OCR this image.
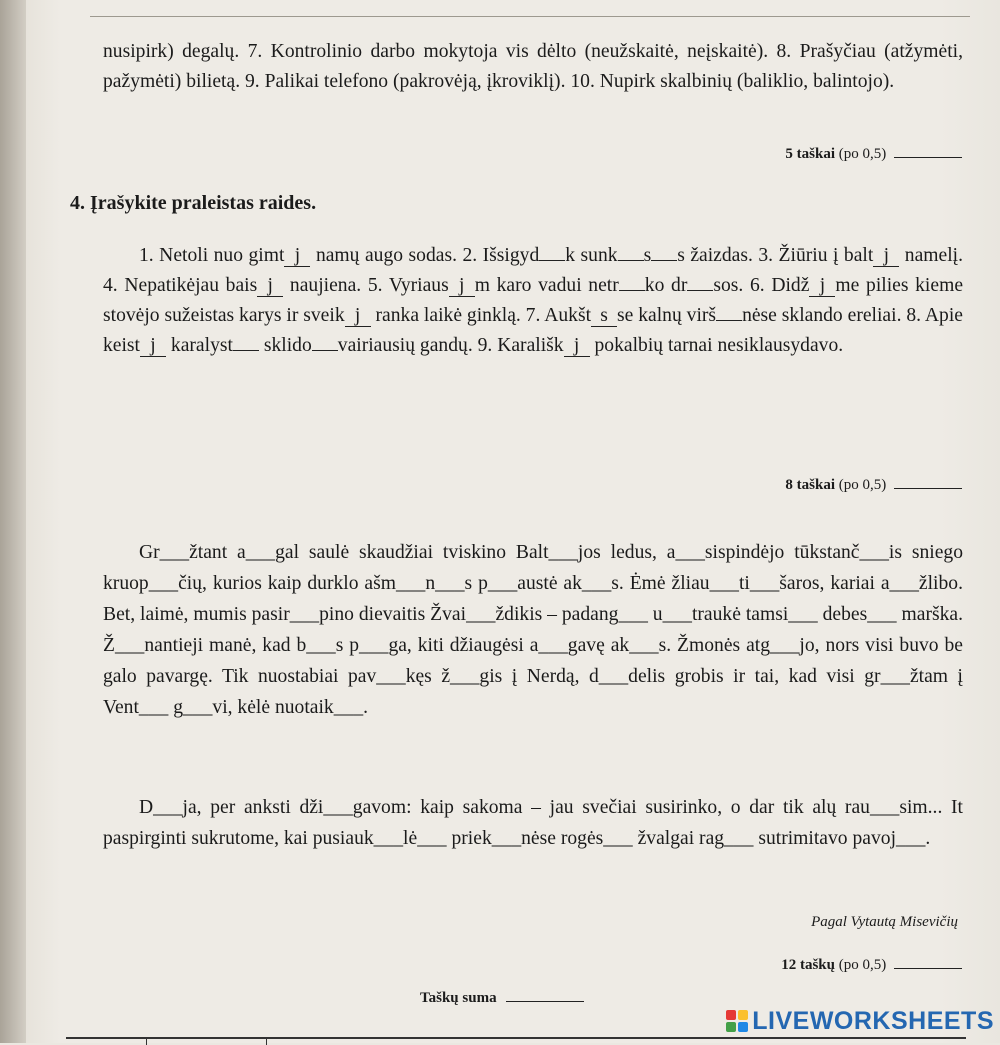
nusipirk) degalų. 7. Kontrolinio darbo mokytoja vis dėlto (neužskaitė, neįskaitė). 8. Prašyčiau (atžymėti, pažymėti) bilietą. 9. Palikai telefono (pakrovėją, įkroviklį). 10. Nupirk skalbinių (baliklio, balintojo).
5 taškai (po 0,5)
4. Įrašykite praleistas raides.
1. Netoli nuo gimt j namų augo sodas. 2. Išsigyd k sunk s s žaizdas. 3. Žiūriu į balt j namelį. 4. Nepatikėjau bais j naujiena. 5. Vyriaus j m karo vadui netr ko dr sos. 6. Didž j me pilies kieme stovėjo sužeistas karys ir sveik j ranka laikė ginklą. 7. Aukšt s se kalnų virš nėse sklando ereliai. 8. Apie keist j karalyst sklido vairiausių gandų. 9. Karališk j pokalbių tarnai nesiklausydavo.
8 taškai (po 0,5)
Gr___žtant a___gal saulė skaudžiai tviskino Balt___jos ledus, a___sispindėjo tūkstanč___is sniego kruop___čių, kurios kaip durklo ašm___n___s p___austė ak___s. Ėmė žliau___ti___šaros, kariai a___žlibo. Bet, laimė, mumis pasir___pino dievaitis Žvai___ždikis – padang___ u___traukė tamsi___ debes___ marška. Ž___nantieji manė, kad b___s p___ga, kiti džiaugėsi a___gavę ak___s. Žmonės atg___jo, nors visi buvo be galo pavargę. Tik nuostabiai pav___kęs ž___gis į Nerdą, d___delis grobis ir tai, kad visi gr___žtam į Vent___ g___vi, kėlė nuotaik___.
D___ja, per anksti dži___gavom: kaip sakoma – jau svečiai susirinko, o dar tik alų rau___sim... It paspirginti sukrutome, kai pusiauk___lė___ priek___nėse rogės___ žvalgai rag___ sutrimitavo pavoj___.
Pagal Vytautą Misevičių
12 taškų (po 0,5)
Taškų suma
LIVEWORKSHEETS
